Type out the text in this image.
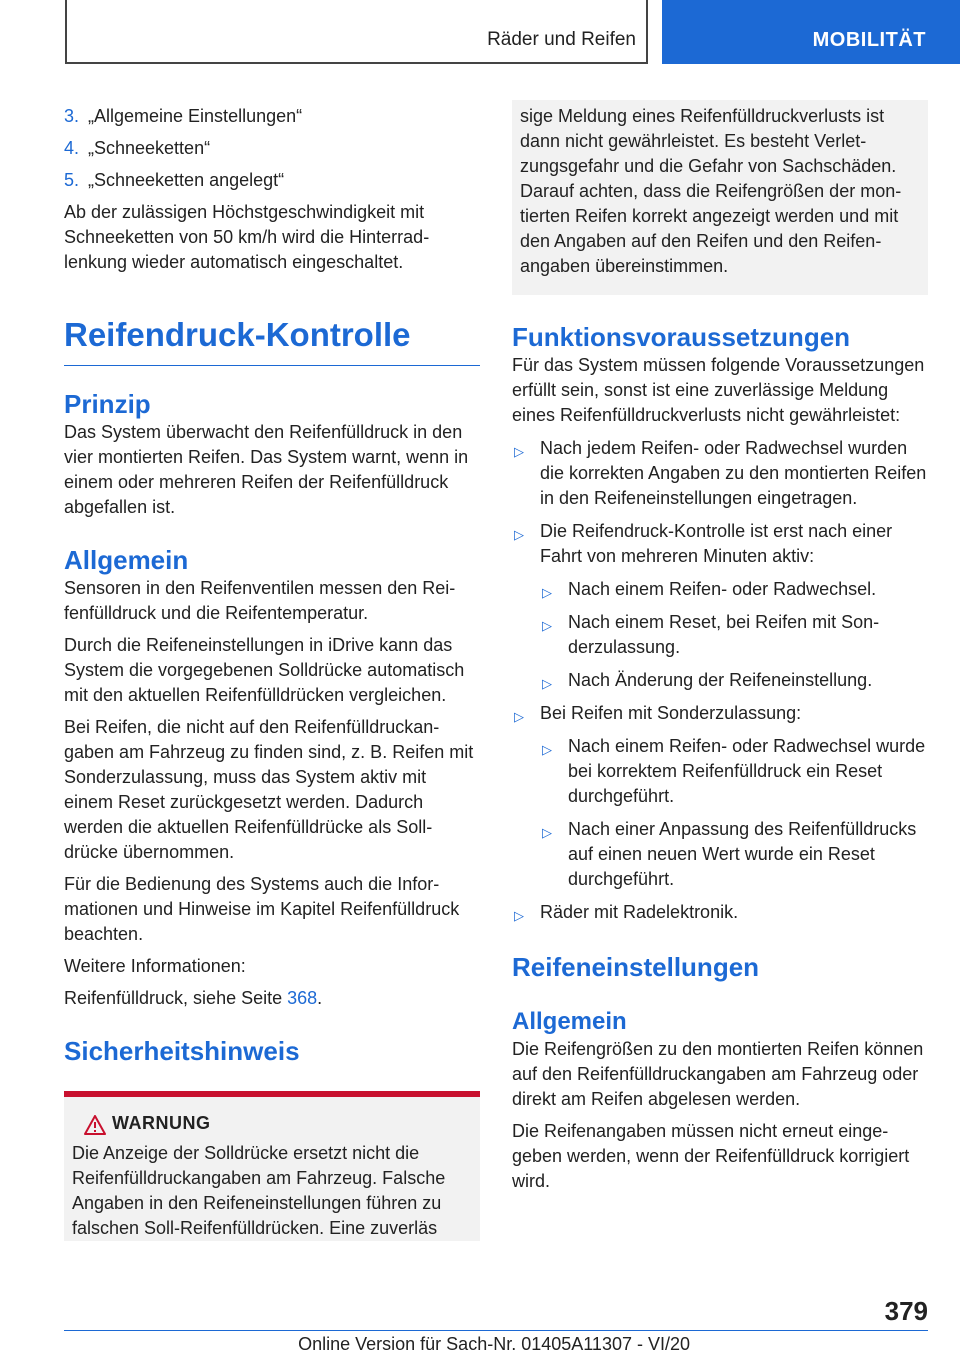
Räder und Reifen	MOBILITÄT
3. „Allgemeine Einstellungen“
4. „Schneeketten“
5. „Schneeketten angelegt“

Ab der zulässigen Höchstgeschwindigkeit mit Schneeketten von 50 km/h wird die Hinterradlenkung wieder automatisch eingeschaltet.

Reifendruck-Kontrolle
Prinzip

Das System überwacht den Reifenfülldruck in den vier montierten Reifen. Das System warnt, wenn in einem oder mehreren Reifen der Reifenfülldruck abgefallen ist.

Allgemein

Sensoren in den Reifenventilen messen den Reifenfülldruck und die Reifentemperatur.

Durch die Reifeneinstellungen in iDrive kann das System die vorgegebenen Solldrücke automatisch mit den aktuellen Reifenfülldrücken vergleichen.

Bei Reifen, die nicht auf den Reifenfülldruckangaben am Fahrzeug zu finden sind, z. B. Reifen mit Sonderzulassung, muss das System aktiv mit einem Reset zurückgesetzt werden. Dadurch werden die aktuellen Reifenfülldrücke als Solldrücke übernommen.

Für die Bedienung des Systems auch die Informationen und Hinweise im Kapitel Reifenfülldruck beachten.

Weitere Informationen:

Reifenfülldruck, siehe Seite 368.

Sicherheitshinweis
WARNUNG

Die Anzeige der Solldrücke ersetzt nicht die Reifenfülldruckangaben am Fahrzeug. Falsche Angaben in den Reifeneinstellungen führen zu falschen Soll-Reifenfülldrücken. Eine zuverläs

sige Meldung eines Reifenfülldruckverlusts ist dann nicht gewährleistet. Es besteht Verletzungsgefahr und die Gefahr von Sachschäden. Darauf achten, dass die Reifengrößen der montierten Reifen korrekt angezeigt werden und mit den Angaben auf den Reifen und den Reifenangaben übereinstimmen.

Funktionsvoraussetzungen

Für das System müssen folgende Voraussetzungen erfüllt sein, sonst ist eine zuverlässige Meldung eines Reifenfülldruckverlusts nicht gewährleistet:

▷ Nach jedem Reifen- oder Radwechsel wurden die korrekten Angaben zu den montierten Reifen in den Reifeneinstellungen eingetragen.
▷ Die Reifendruck-Kontrolle ist erst nach einer Fahrt von mehreren Minuten aktiv:
▷ Nach einem Reifen- oder Radwechsel.
▷ Nach einem Reset, bei Reifen mit Sonderzulassung.
▷ Nach Änderung der Reifeneinstellung.
▷ Bei Reifen mit Sonderzulassung:
▷ Nach einem Reifen- oder Radwechsel wurde bei korrektem Reifenfülldruck ein Reset durchgeführt.
▷ Nach einer Anpassung des Reifenfülldrucks auf einen neuen Wert wurde ein Reset durchgeführt.
▷ Räder mit Radelektronik.
Reifeneinstellungen
Allgemein

Die Reifengrößen zu den montierten Reifen können auf den Reifenfülldruckangaben am Fahrzeug oder direkt am Reifen abgelesen werden.

Die Reifenangaben müssen nicht erneut eingegeben werden, wenn der Reifenfülldruck korrigiert wird.

379
Online Version für Sach-Nr. 01405A11307 - VI/20
